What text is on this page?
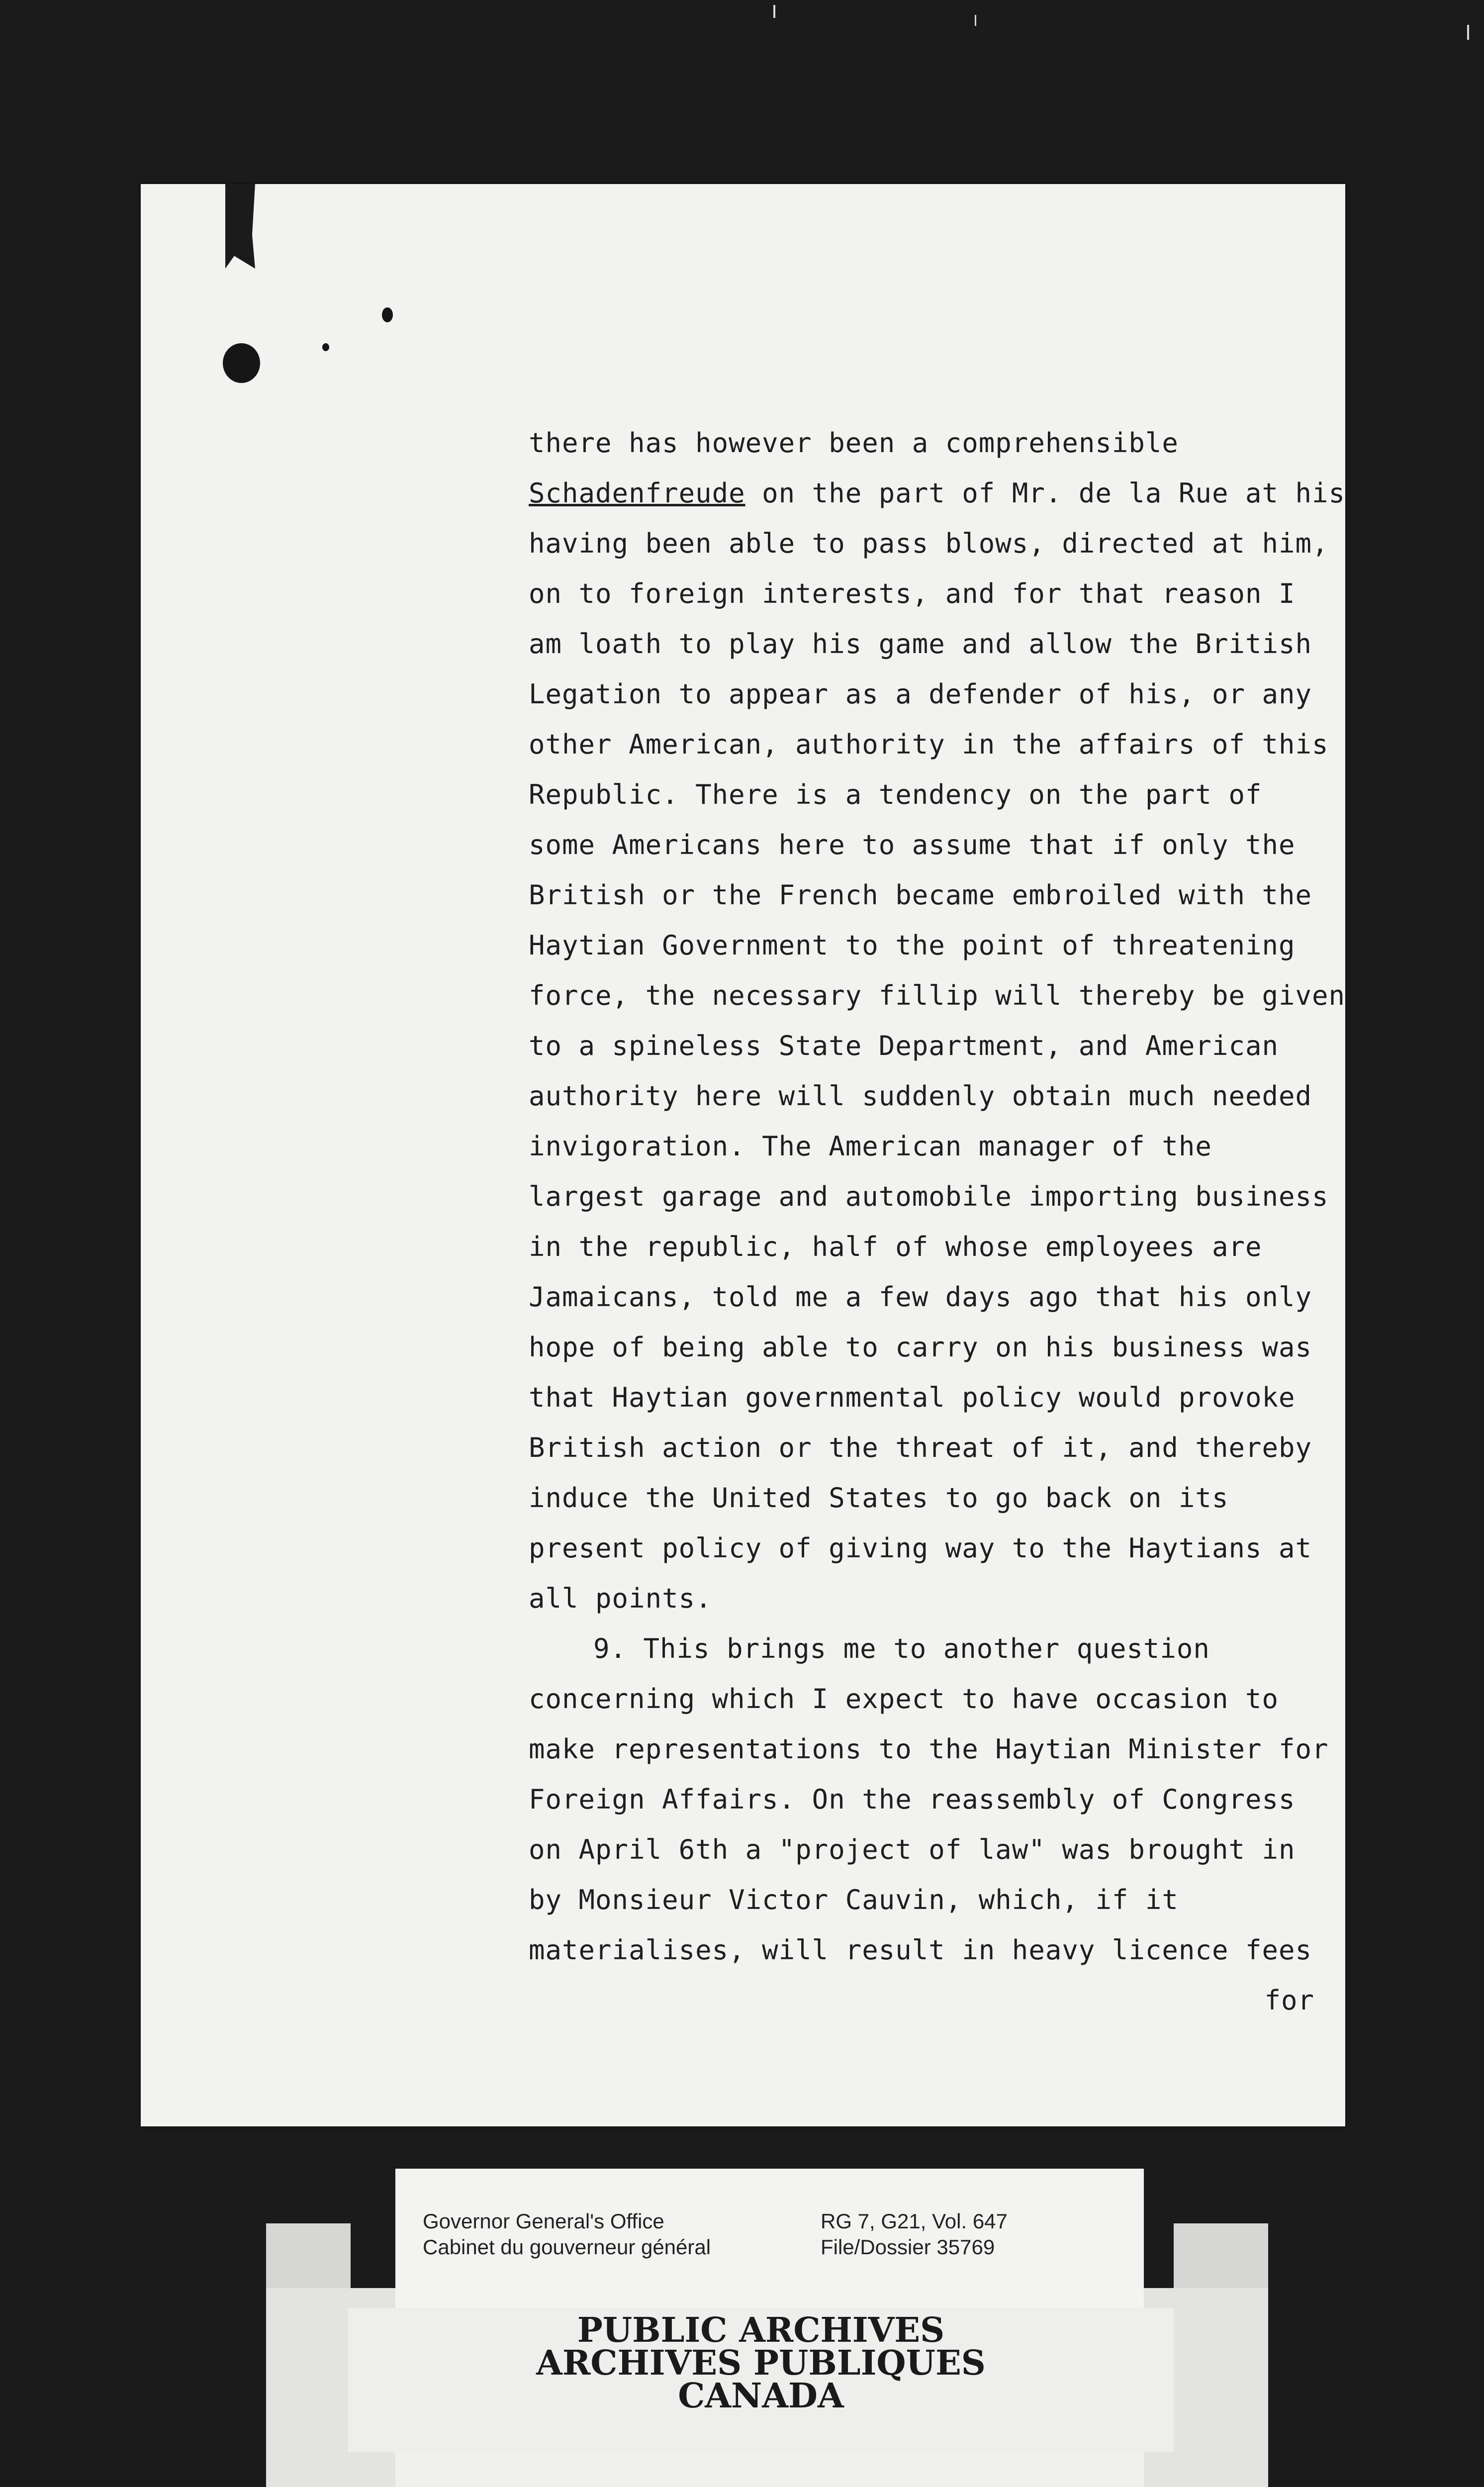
there has however been a comprehensible
Schadenfreude on the part of Mr. de la Rue at his
having been able to pass blows, directed at him,
on to foreign interests, and for that reason I
am loath to play his game and allow the British
Legation to appear as a defender of his, or any
other American, authority in the affairs of this
Republic. There is a tendency on the part of
some Americans here to assume that if only the
British or the French became embroiled with the
Haytian Government to the point of threatening
force, the necessary fillip will thereby be given
to a spineless State Department, and American
authority here will suddenly obtain much needed
invigoration. The American manager of the
largest garage and automobile importing business
in the republic, half of whose employees are
Jamaicans, told me a few days ago that his only
hope of being able to carry on his business was
that Haytian governmental policy would provoke
British action or the threat of it, and thereby
induce the United States to go back on its
present policy of giving way to the Haytians at
all points.
9. This brings me to another question
concerning which I expect to have occasion to
make representations to the Haytian Minister for
Foreign Affairs. On the reassembly of Congress
on April 6th a "project of law" was brought in
by Monsieur Victor Cauvin, which, if it
materialises, will result in heavy licence fees
for
Governor General's Office
Cabinet du gouverneur général
RG 7, G21, Vol. 647
File/Dossier 35769
PUBLIC ARCHIVES
ARCHIVES PUBLIQUES
CANADA
